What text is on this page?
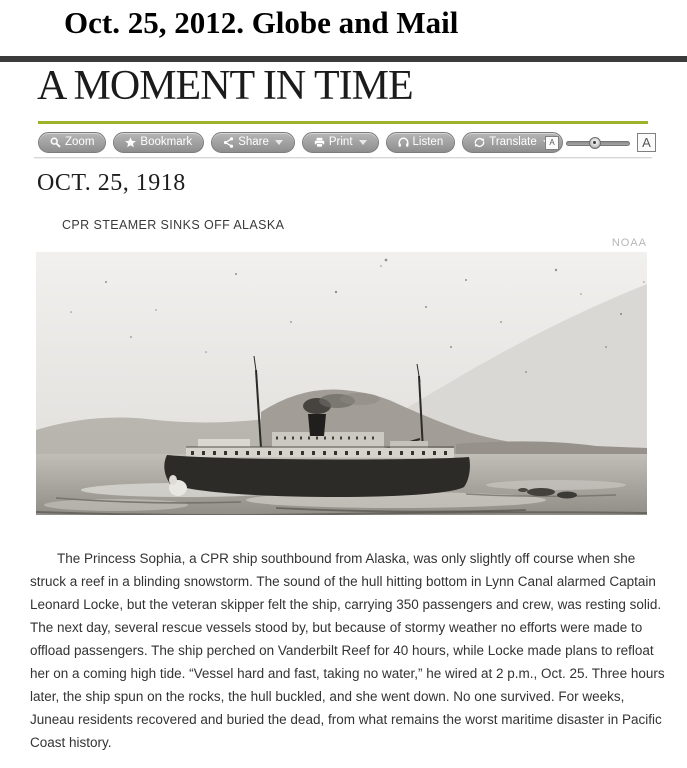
Oct. 25, 2012. Globe and Mail
A MOMENT IN TIME
Zoom	Bookmark	Share	Print	Listen	Translate	A	A
OCT. 25, 1918
CPR STEAMER SINKS OFF ALASKA
NOAA

The Princess Sophia, a CPR ship southbound from Alaska, was only slightly off course when she struck a reef in a blinding snowstorm. The sound of the hull hitting bottom in Lynn Canal alarmed Captain Leonard Locke, but the veteran skipper felt the ship, carrying 350 passengers and crew, was resting solid. The next day, several rescue vessels stood by, but because of stormy weather no efforts were made to offload passengers. The ship perched on Vanderbilt Reef for 40 hours, while Locke made plans to refloat her on a coming high tide. “Vessel hard and fast, taking no water,” he wired at 2 p.m., Oct. 25. Three hours later, the ship spun on the rocks, the hull buckled, and she went down. No one survived. For weeks, Juneau residents recovered and buried the dead, from what remains the worst maritime disaster in Pacific Coast history.
